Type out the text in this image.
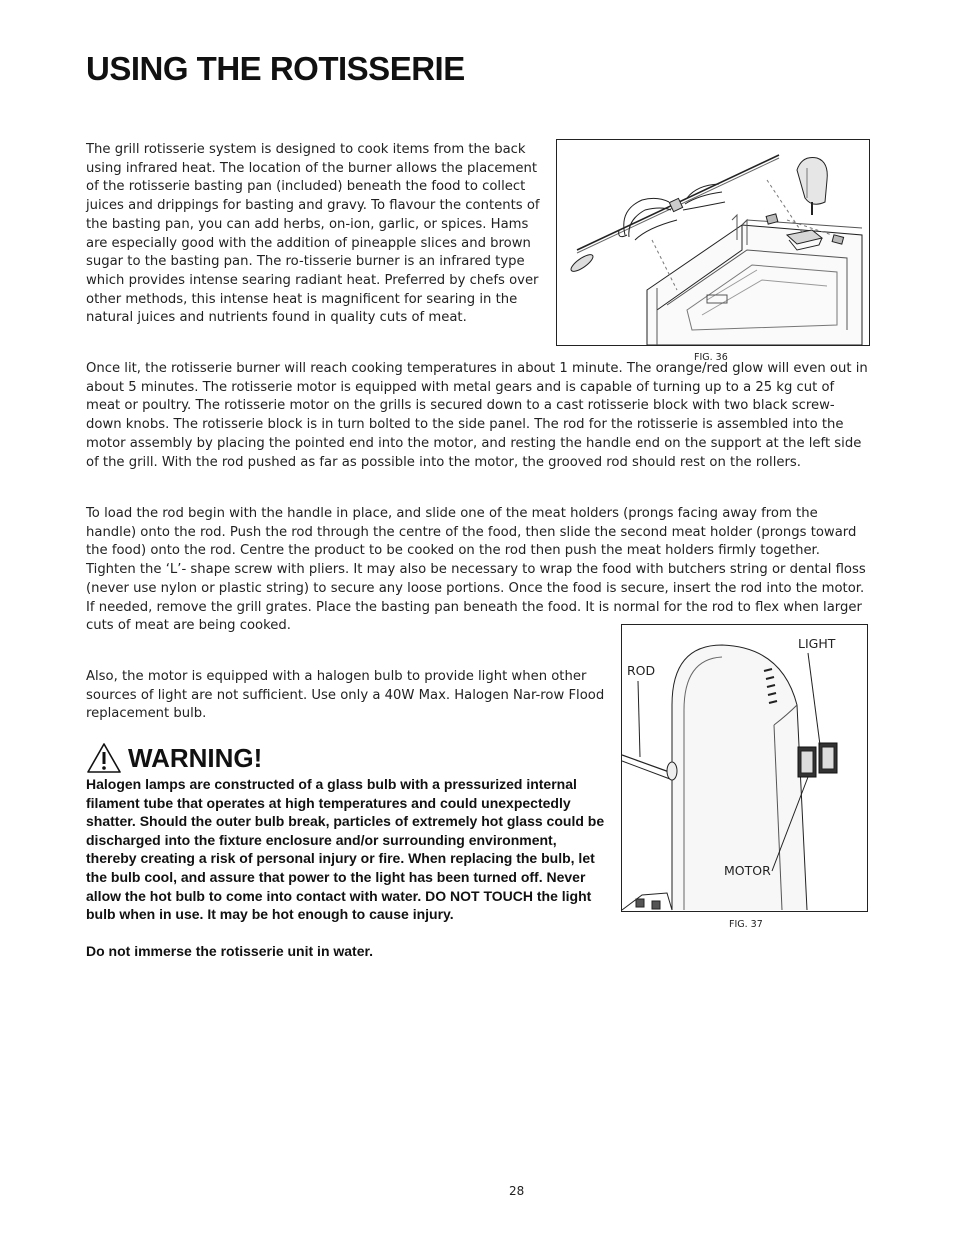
USING THE ROTISSERIE

The grill rotisserie system is designed to cook items from the back using infrared heat. The location of the burner allows the placement of the rotisserie basting pan (included) beneath the food to collect juices and drippings for basting and gravy. To flavour the contents of the basting pan, you can add herbs, on-ion, garlic, or spices. Hams are especially good with the addition of pineapple slices and brown sugar to the basting pan. The ro-tisserie burner is an infrared type which provides intense searing radiant heat. Preferred by chefs over other methods, this intense heat is magnificent for searing in the natural juices and nutrients found in quality cuts of meat.

FIG. 36

Once lit, the rotisserie burner will reach cooking temperatures in about 1 minute. The orange/red glow will even out in about 5 minutes. The rotisserie motor is equipped with metal gears and is capable of turning up to a 25 kg cut of meat or poultry. The rotisserie motor on the grills is secured down to a cast rotisserie block with two black screw- down knobs. The rotisserie block is in turn bolted to the side panel. The rod for the rotisserie is assembled into the motor assembly by placing the pointed end into the motor, and resting the handle end on the support at the left side of the grill. With the rod pushed as far as possible into the motor, the grooved rod should rest on the rollers.

To load the rod begin with the handle in place, and slide one of the meat holders (prongs facing away from the handle) onto the rod. Push the rod through the centre of the food, then slide the second meat holder (prongs toward the food) onto the rod. Centre the product to be cooked on the rod then push the meat holders firmly together. Tighten the ‘L’- shape screw with pliers. It may also be necessary to wrap the food with butchers string or dental floss (never use nylon or plastic string) to secure any loose portions. Once the food is secure, insert the rod into the motor. If needed, remove the grill grates. Place the basting pan beneath the food. It is normal for the rod to flex when larger cuts of meat are being cooked.

Also, the motor is equipped with a halogen bulb to provide light when other sources of light are not sufficient. Use only a 40W Max. Halogen Nar-row Flood replacement bulb.

LIGHT
ROD
MOTOR
FIG. 37
WARNING!

Halogen lamps are constructed of a glass bulb with a pressurized internal filament tube that operates at high temperatures and could unexpectedly shatter. Should the outer bulb break, particles of extremely hot glass could be discharged into the fixture enclosure and/or surrounding environment, thereby creating a risk of personal injury or fire. When replacing the bulb, let the bulb cool, and assure that power to the light has been turned off. Never allow the hot bulb to come into contact with water. DO NOT TOUCH the light bulb when in use. It may be hot enough to cause injury.

Do not immerse the rotisserie unit in water.

28
